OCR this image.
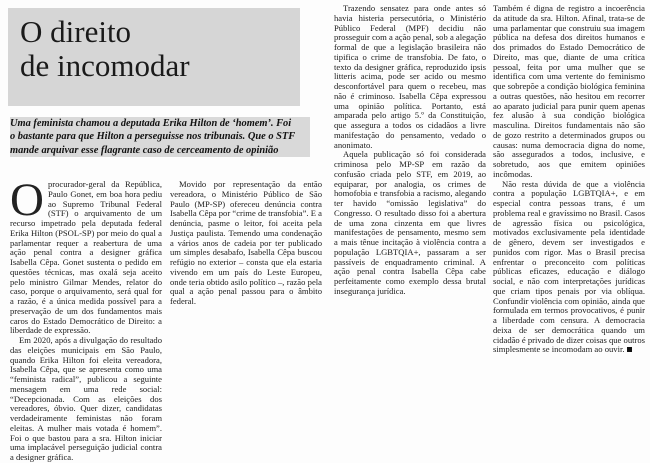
O direito
de incomodar
Uma feminista chamou a deputada Erika Hilton de ‘homem’. Foi
o bastante para que Hilton a perseguisse nos tribunais. Que o STF
mande arquivar esse flagrante caso de cerceamento de opinião

Oprocurador-geral da República, Paulo Gonet, em boa hora pediu ao Supremo Tribunal Federal (STF) o arquivamento de um recurso impetrado pela deputada federal Erika Hilton (PSOL-SP) por meio do qual a parlamentar requer a reabertura de uma ação penal contra a designer gráfica Isabella Cêpa. Gonet sustenta o pedido em questões técnicas, mas oxalá seja aceito pelo ministro Gilmar Mendes, relator do caso, porque o arquivamento, será qual for a razão, é a única medida possível para a preservação de um dos fundamentos mais caros do Estado Democrático de Direito: a liberdade de expressão.

Em 2020, após a divulgação do resultado das eleições municipais em São Paulo, quando Erika Hilton foi eleita vereadora, Isabella Cêpa, que se apresenta como uma “feminista radical”, publicou a seguinte mensagem em uma rede social: “Decepcionada. Com as eleições dos vereadores, óbvio. Quer dizer, candidatas verdadeiramente feministas não foram eleitas. A mulher mais votada é homem”. Foi o que bastou para a sra. Hilton iniciar uma implacável perseguição judicial contra a designer gráfica.

Movido por representação da então vereadora, o Ministério Público de São Paulo (MP-SP) ofereceu denúncia contra Isabella Cêpa por “crime de transfobia”. E a denúncia, pasme o leitor, foi aceita pela Justiça paulista. Temendo uma condenação a vários anos de cadeia por ter publicado um simples desabafo, Isabella Cêpa buscou refúgio no exterior – consta que ela estaria vivendo em um país do Leste Europeu, onde teria obtido asilo político –, razão pela qual a ação penal passou para o âmbito federal.

Trazendo sensatez para onde antes só havia histeria persecutória, o Ministério Público Federal (MPF) decidiu não prosseguir com a ação penal, sob a alegação formal de que a legislação brasileira não tipifica o crime de transfobia. De fato, o texto da designer gráfica, reproduzido ipsis litteris acima, pode ser acido ou mesmo desconfortável para quem o recebeu, mas não é criminoso. Isabella Cêpa expressou uma opinião política. Portanto, está amparada pelo artigo 5.º da Constituição, que assegura a todos os cidadãos a livre manifestação do pensamento, vedado o anonimato.

Aquela publicação só foi considerada criminosa pelo MP-SP em razão da confusão criada pelo STF, em 2019, ao equiparar, por analogia, os crimes de homofobia e transfobia a racismo, alegando ter havido “omissão legislativa” do Congresso. O resultado disso foi a abertura de uma zona cinzenta em que livres manifestações de pensamento, mesmo sem a mais tênue incitação à violência contra a população LGBTQIA+, passaram a ser passíveis de enquadramento criminal. A ação penal contra Isabella Cêpa cabe perfeitamente como exemplo dessa brutal insegurança jurídica.

Também é digna de registro a incoerência da atitude da sra. Hilton. Afinal, trata-se de uma parlamentar que construiu sua imagem pública na defesa dos direitos humanos e dos primados do Estado Democrático de Direito, mas que, diante de uma crítica pessoal, feita por uma mulher que se identifica com uma vertente do feminismo que sobrepõe a condição biológica feminina a outras questões, não hesitou em recorrer ao aparato judicial para punir quem apenas fez alusão à sua condição biológica masculina. Direitos fundamentais não são de gozo restrito a determinados grupos ou causas: numa democracia digna do nome, são assegurados a todos, inclusive, e sobretudo, aos que emitem opiniões incômodas.

Não resta dúvida de que a violência contra a população LGBTQIA+, e em especial contra pessoas trans, é um problema real e gravíssimo no Brasil. Casos de agressão física ou psicológica, motivados exclusivamente pela identidade de gênero, devem ser investigados e punidos com rigor. Mas o Brasil precisa enfrentar o preconceito com políticas públicas eficazes, educação e diálogo social, e não com interpretações jurídicas que criam tipos penais por via oblíqua. Confundir violência com opinião, ainda que formulada em termos provocativos, é punir a liberdade com censura. A democracia deixa de ser democrática quando um cidadão é privado de dizer coisas que outros simplesmente se incomodam ao ouvir.
